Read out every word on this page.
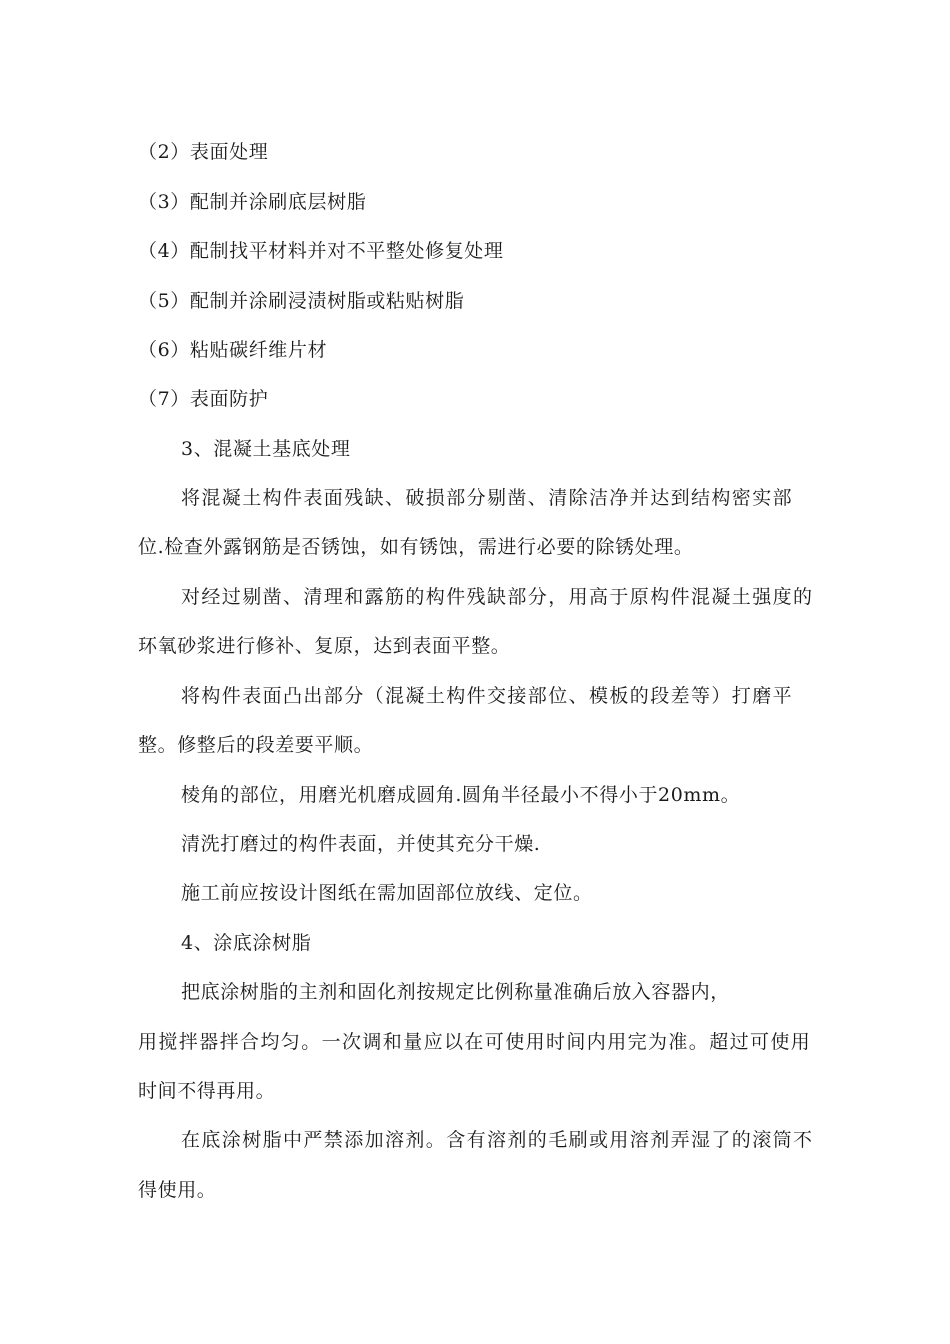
（2）表面处理
（3）配制并涂刷底层树脂
（4）配制找平材料并对不平整处修复处理
（5）配制并涂刷浸渍树脂或粘贴树脂
（6）粘贴碳纤维片材
（7）表面防护
3、混凝土基底处理
将混凝土构件表面残缺、破损部分剔凿、清除洁净并达到结构密实部
位.检查外露钢筋是否锈蚀，如有锈蚀，需进行必要的除锈处理。
对经过剔凿、清理和露筋的构件残缺部分，用高于原构件混凝土强度的
环氧砂浆进行修补、复原，达到表面平整。
将构件表面凸出部分（混凝土构件交接部位、模板的段差等）打磨平
整。修整后的段差要平顺。
棱角的部位，用磨光机磨成圆角.圆角半径最小不得小于20mm。
清洗打磨过的构件表面，并使其充分干燥.
施工前应按设计图纸在需加固部位放线、定位。
4、涂底涂树脂
把底涂树脂的主剂和固化剂按规定比例称量准确后放入容器内，
用搅拌器拌合均匀。一次调和量应以在可使用时间内用完为准。超过可使用
时间不得再用。
在底涂树脂中严禁添加溶剂。含有溶剂的毛刷或用溶剂弄湿了的滚筒不
得使用。
